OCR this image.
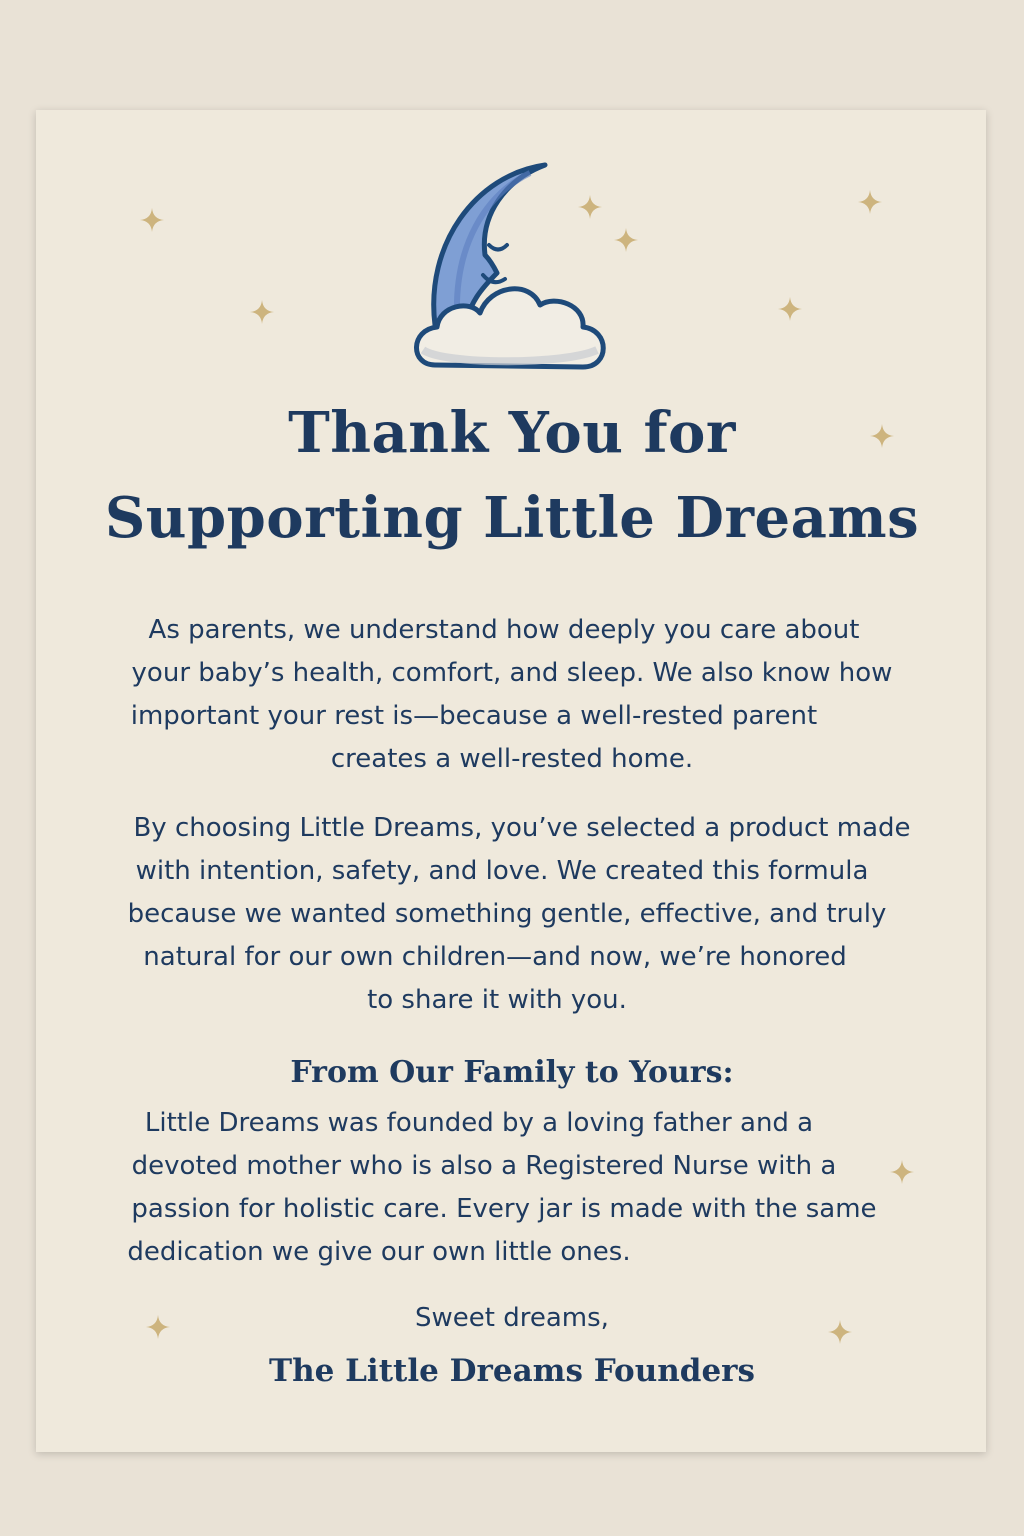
Thank You for
Supporting Little Dreams
As parents, we understand how deeply you care about
your baby’s health, comfort, and sleep. We also know how
important your rest is—because a well-rested parent
creates a well-rested home.
By choosing Little Dreams, you’ve selected a product made
with intention, safety, and love. We created this formula
because we wanted something gentle, effective, and truly
natural for our own children—and now, we’re honored
to share it with you.
Little Dreams was founded by a loving father and a
devoted mother who is also a Registered Nurse with a
passion for holistic care. Every jar is made with the same
dedication we give our own little ones.
From Our Family to Yours:
Sweet dreams,
The Little Dreams Founders
